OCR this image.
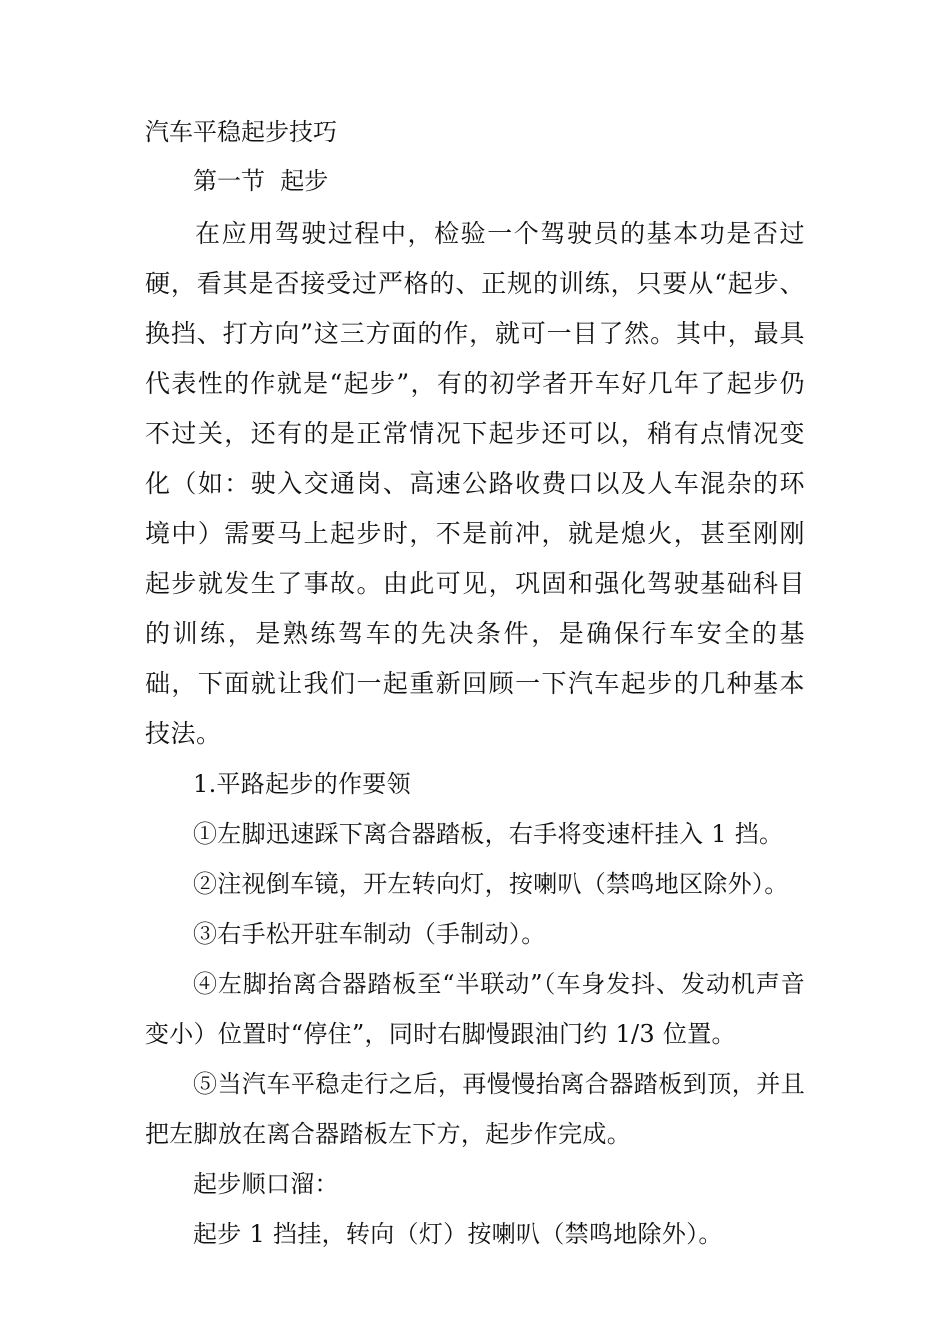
汽车平稳起步技巧
第一节  起步

在应用驾驶过程中，检验一个驾驶员的基本功是否过硬，看其是否接受过严格的、正规的训练，只要从“起步、换挡、打方向”这三方面的作，就可一目了然。其中，最具代表性的作就是“起步”，有的初学者开车好几年了起步仍不过关，还有的是正常情况下起步还可以，稍有点情况变化（如：驶入交通岗、高速公路收费口以及人车混杂的环境中）需要马上起步时，不是前冲，就是熄火，甚至刚刚起步就发生了事故。由此可见，巩固和强化驾驶基础科目的训练，是熟练驾车的先决条件，是确保行车安全的基础，下面就让我们一起重新回顾一下汽车起步的几种基本技法。

1.平路起步的作要领

①左脚迅速踩下离合器踏板，右手将变速杆挂入 1 挡。

②注视倒车镜，开左转向灯，按喇叭（禁鸣地区除外）。

③右手松开驻车制动（手制动）。

④左脚抬离合器踏板至“半联动”（车身发抖、发动机声音变小）位置时“停住”，同时右脚慢跟油门约 1/3 位置。

⑤当汽车平稳走行之后，再慢慢抬离合器踏板到顶，并且把左脚放在离合器踏板左下方，起步作完成。

起步顺口溜：

起步 1 挡挂，转向（灯）按喇叭（禁鸣地除外）。
